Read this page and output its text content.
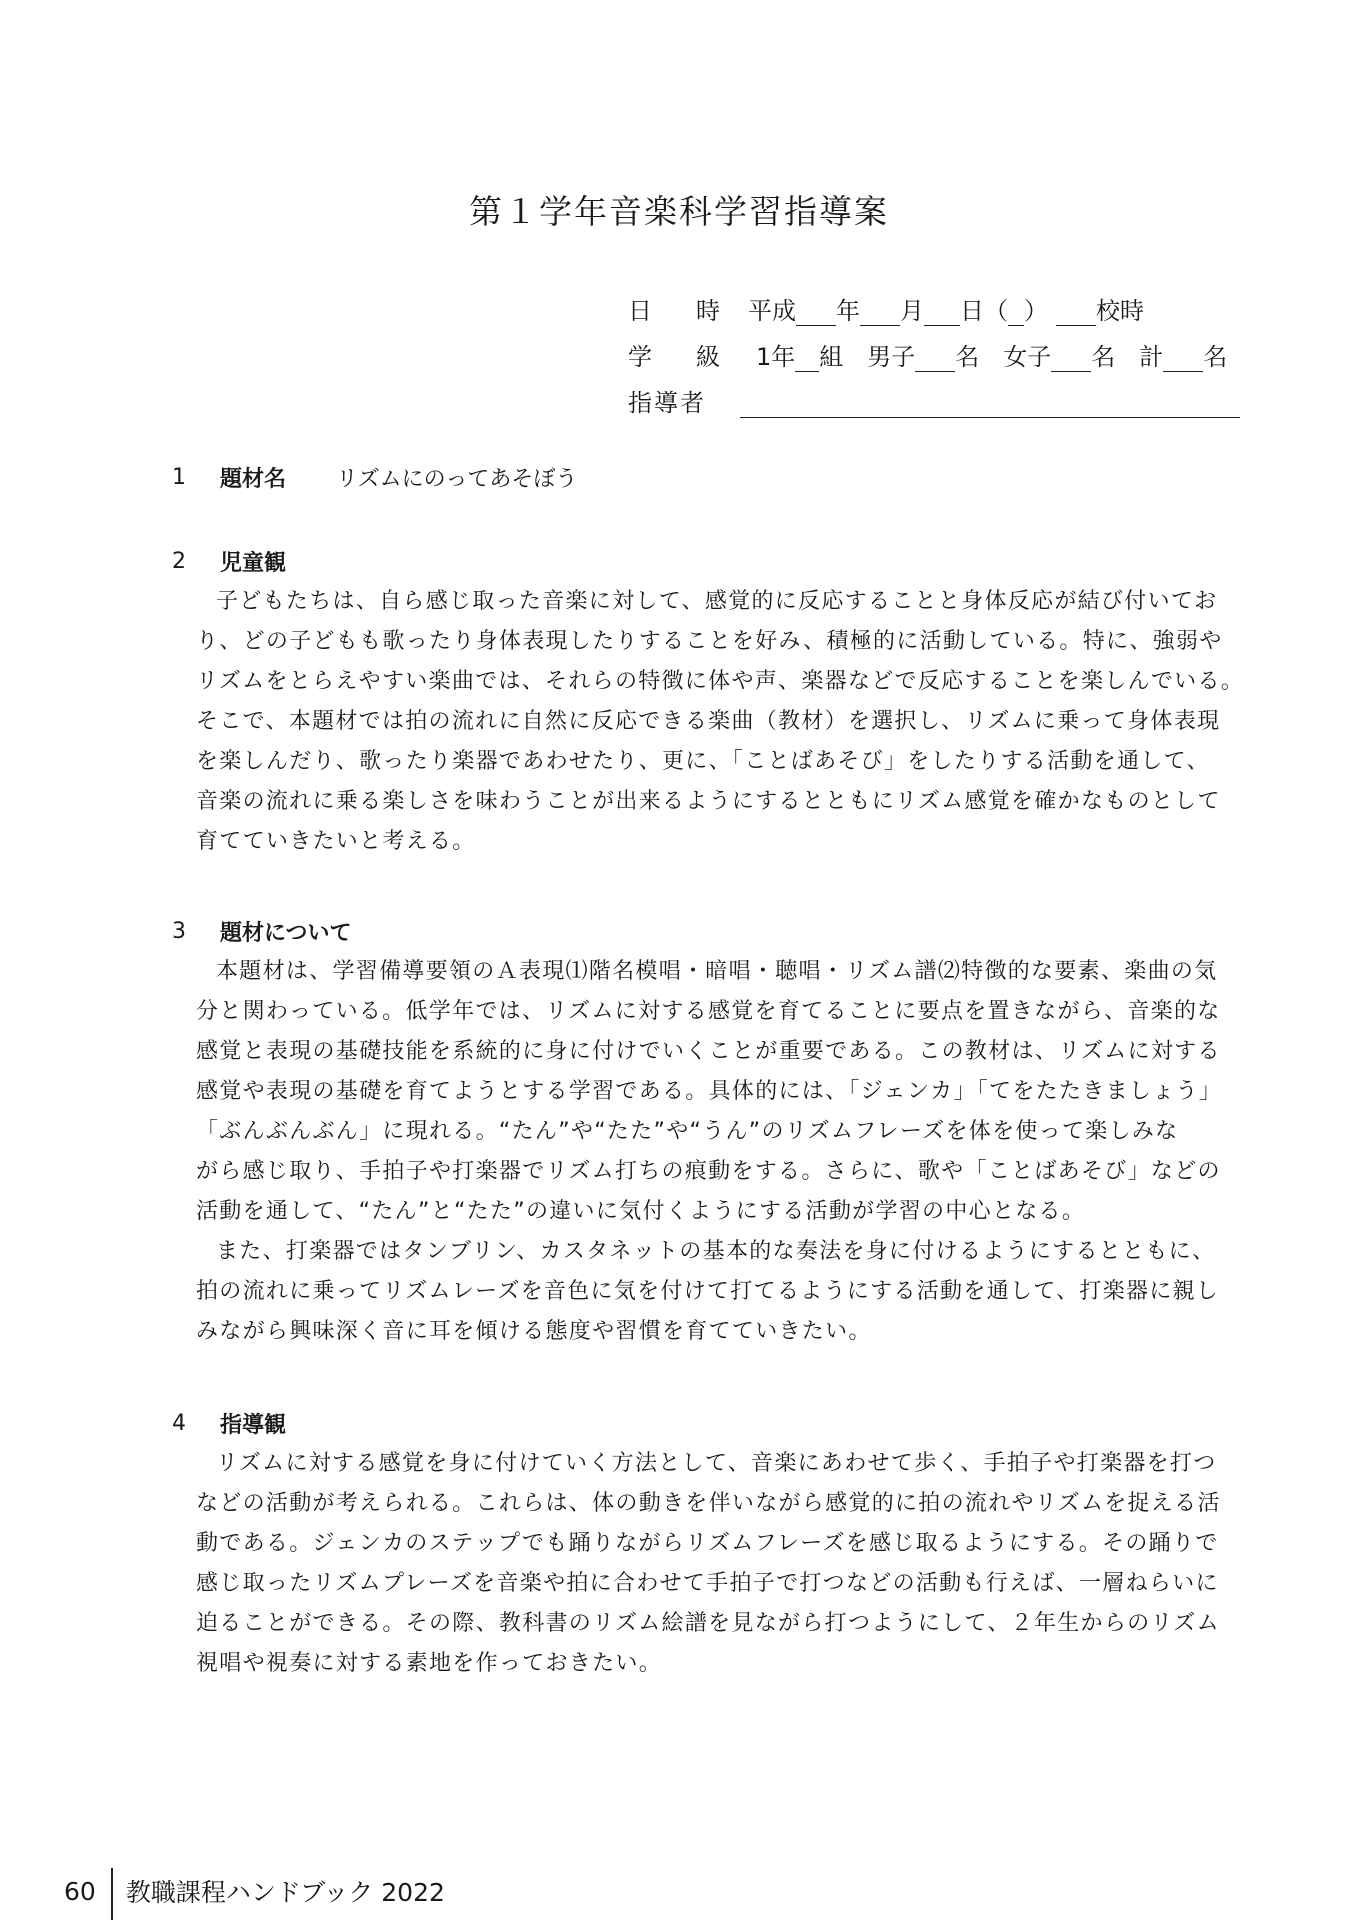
第１学年音楽科学習指導案
日　時 平成 年 月 日（ ） 校時
学　級	1年 組　男子 名　女子 名　計 名
指導者
1	題材名 リズムにのってあそぼう
2	児童観
子どもたちは、自ら感じ取った音楽に対して、感覚的に反応することと身体反応が結び付いてお
り、どの子どもも歌ったり身体表現したりすることを好み、積極的に活動している。特に、強弱や
リズムをとらえやすい楽曲では、それらの特徴に体や声、楽器などで反応することを楽しんでいる。
そこで、本題材では拍の流れに自然に反応できる楽曲（教材）を選択し、リズムに乗って身体表現
を楽しんだり、歌ったり楽器であわせたり、更に、「ことばあそび」をしたりする活動を通して、
音楽の流れに乗る楽しさを味わうことが出来るようにするとともにリズム感覚を確かなものとして
育てていきたいと考える。
3	題材について
本題材は、学習備導要領のＡ表現⑴階名模唱・暗唱・聴唱・リズム譜⑵特徴的な要素、楽曲の気
分と関わっている。低学年では、リズムに対する感覚を育てることに要点を置きながら、音楽的な
感覚と表現の基礎技能を系統的に身に付けでいくことが重要である。この教材は、リズムに対する
感覚や表現の基礎を育てようとする学習である。具体的には、「ジェンカ」「てをたたきましょう」
「ぶんぶんぶん」に現れる。“たん”や“たた”や“うん”のリズムフレーズを体を使って楽しみな
がら感じ取り、手拍子や打楽器でリズム打ちの痕動をする。さらに、歌や「ことばあそび」などの
活動を通して、“たん”と“たた”の違いに気付くようにする活動が学習の中心となる。
また、打楽器ではタンブリン、カスタネットの基本的な奏法を身に付けるようにするとともに、
拍の流れに乗ってリズムレーズを音色に気を付けて打てるようにする活動を通して、打楽器に親し
みながら興味深く音に耳を傾ける態度や習慣を育てていきたい。
4	指導観
リズムに対する感覚を身に付けていく方法として、音楽にあわせて歩く、手拍子や打楽器を打つ
などの活動が考えられる。これらは、体の動きを伴いながら感覚的に拍の流れやリズムを捉える活
動である。ジェンカのステップでも踊りながらリズムフレーズを感じ取るようにする。その踊りで
感じ取ったリズムプレーズを音楽や拍に合わせて手拍子で打つなどの活動も行えば、一層ねらいに
迫ることができる。その際、教科書のリズム絵譜を見ながら打つようにして、２年生からのリズム
視唱や視奏に対する素地を作っておきたい。
60	教職課程ハンドブック 2022
